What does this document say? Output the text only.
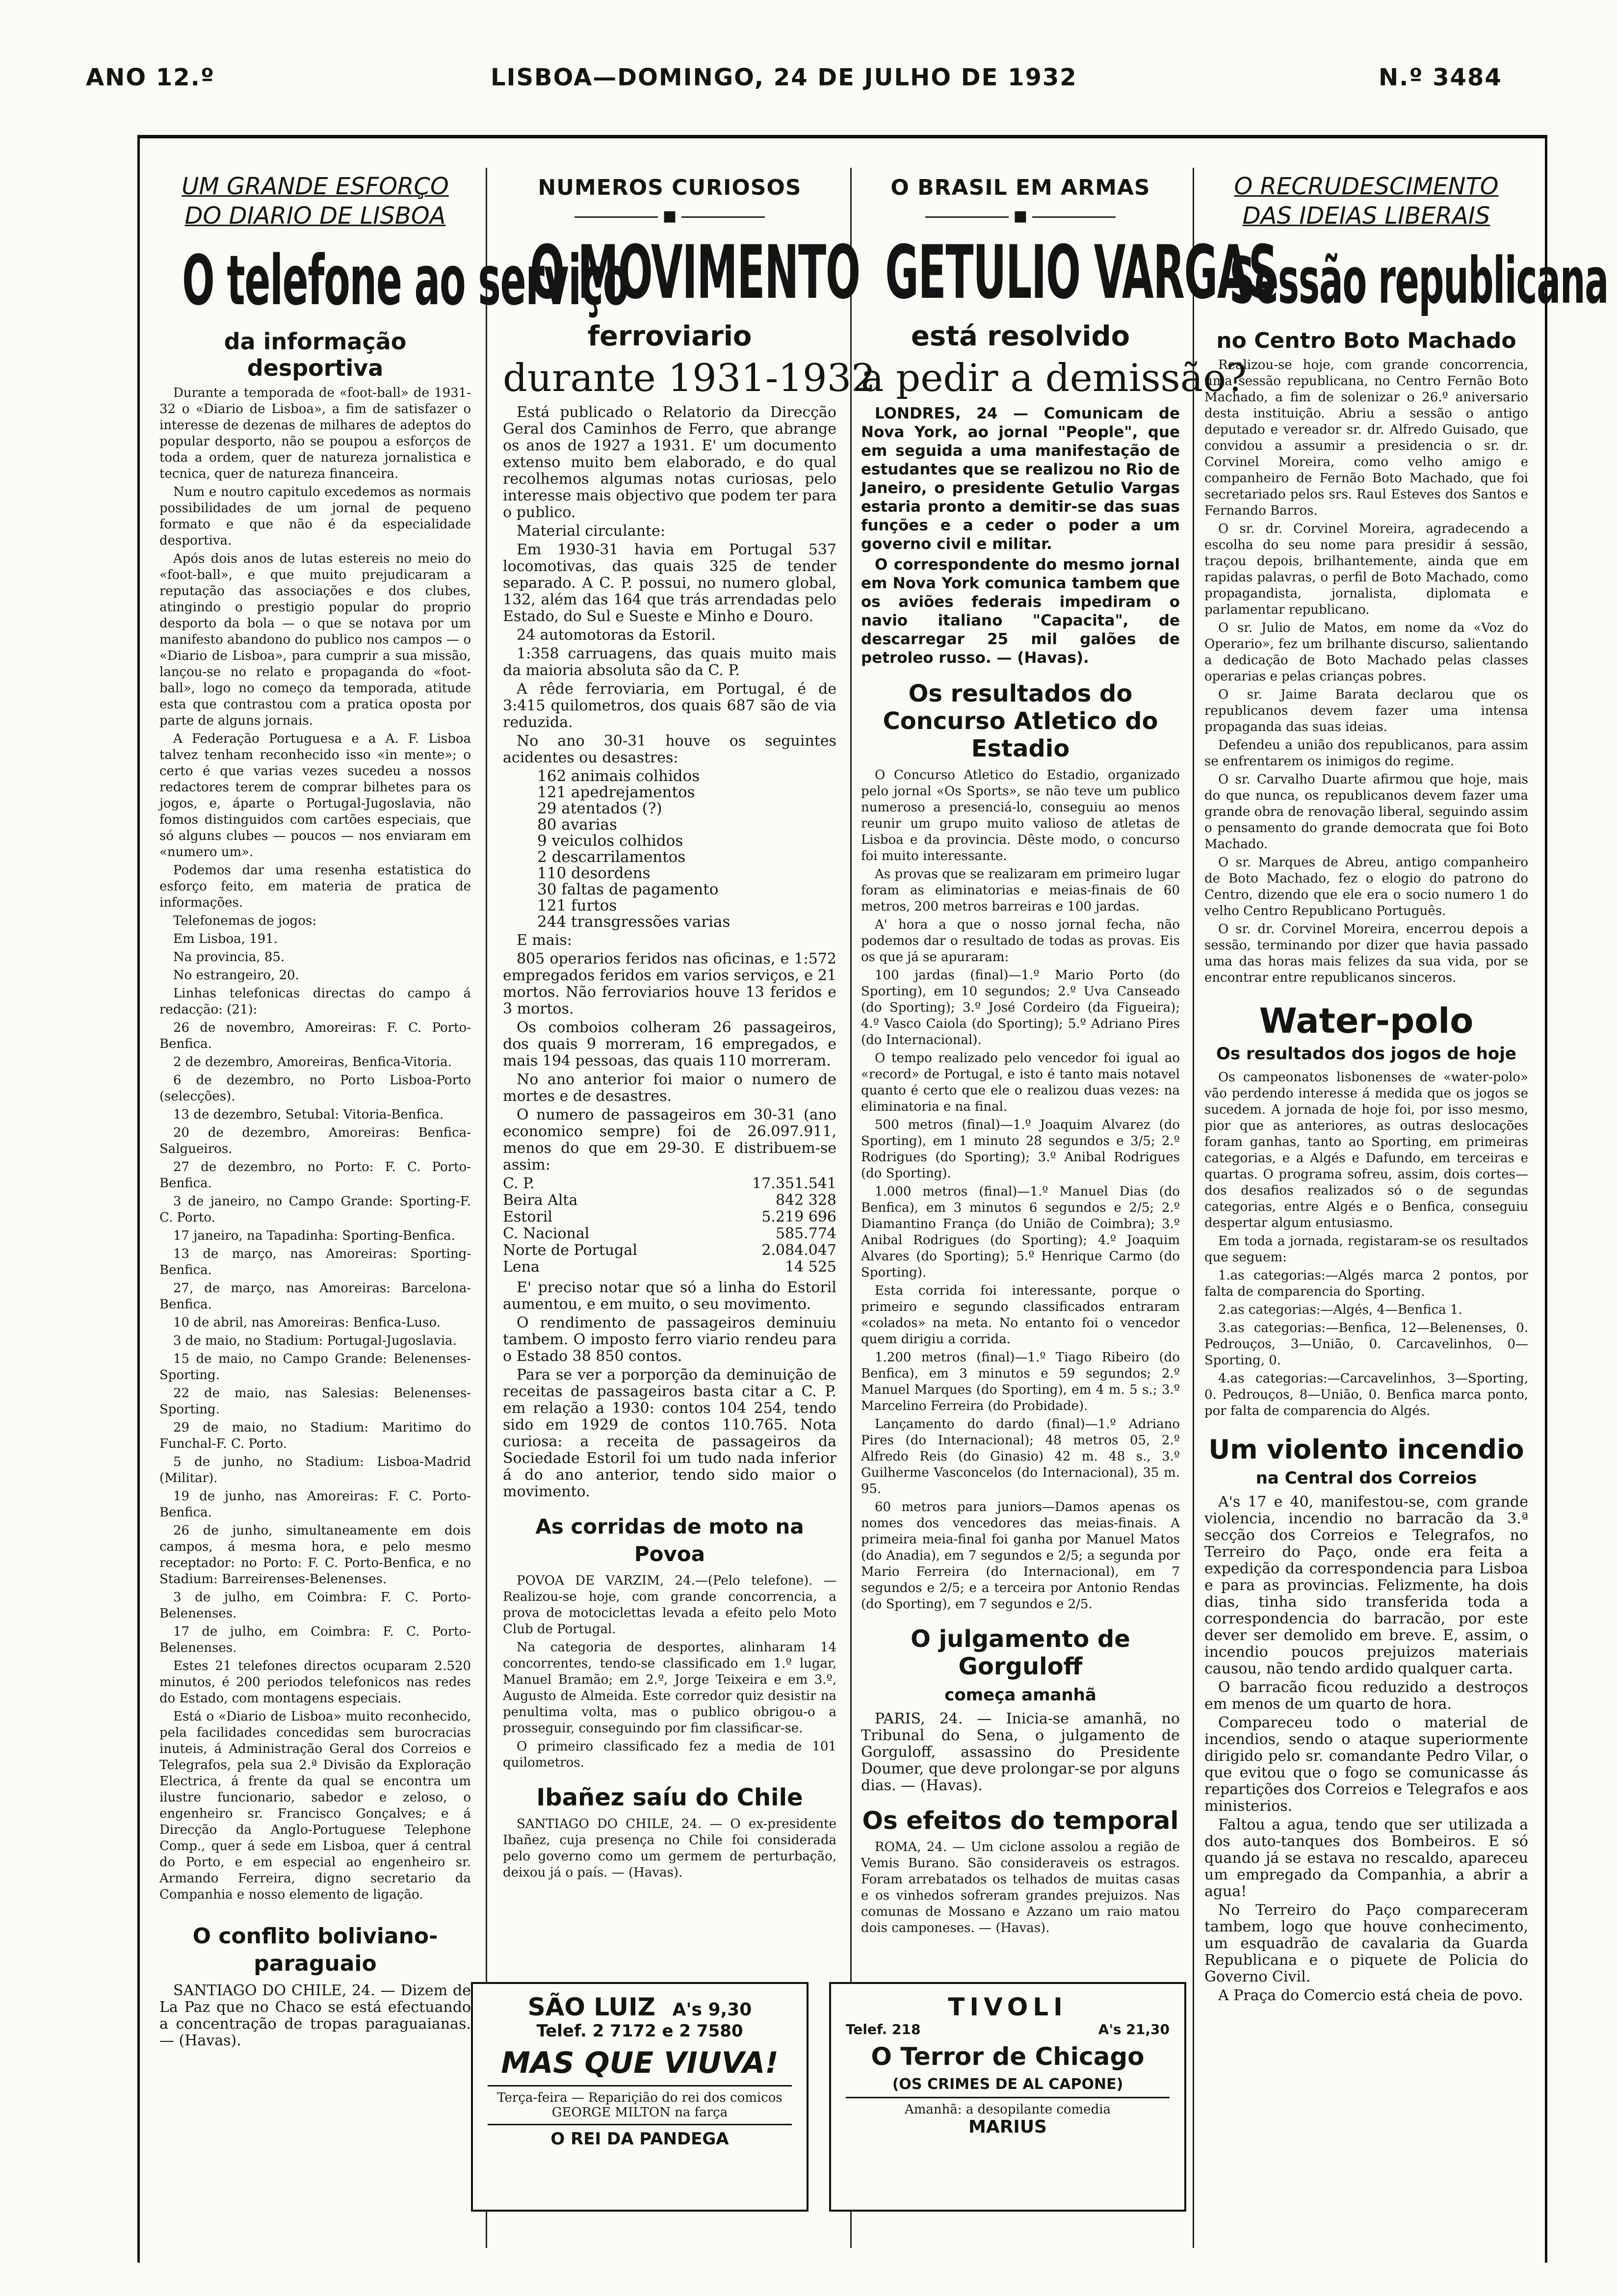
ANO 12.º	LISBOA—DOMINGO, 24 DE JULHO DE 1932	N.º 3484
UM GRANDE ESFORÇO
DO DIARIO DE LISBOA
O telefone ao serviço
da informação desportiva

Durante a temporada de «foot-ball» de 1931-32 o «Diario de Lisboa», a fim de satisfazer o interesse de dezenas de milhares de adeptos do popular desporto, não se poupou a esforços de toda a ordem, quer de natureza jornalistica e tecnica, quer de natureza financeira.

Num e noutro capitulo excedemos as normais possibilidades de um jornal de pequeno formato e que não é da especialidade desportiva.

Após dois anos de lutas estereis no meio do «foot-ball», e que muito prejudicaram a reputação das associações e dos clubes, atingindo o prestigio popular do proprio desporto da bola — o que se notava por um manifesto abandono do publico nos campos — o «Diario de Lisboa», para cumprir a sua missão, lançou-se no relato e propaganda do «foot-ball», logo no começo da temporada, atitude esta que contrastou com a pratica oposta por parte de alguns jornais.

A Federação Portuguesa e a A. F. Lisboa talvez tenham reconhecido isso «in mente»; o certo é que varias vezes sucedeu a nossos redactores terem de comprar bilhetes para os jogos, e, áparte o Portugal-Jugoslavia, não fomos distinguidos com cartões especiais, que só alguns clubes — poucos — nos enviaram em «numero um».

Podemos dar uma resenha estatistica do esforço feito, em materia de pratica de informações.

Telefonemas de jogos:

Em Lisboa, 191.

Na provincia, 85.

No estrangeiro, 20.

Linhas telefonicas directas do campo á redacção: (21):

26 de novembro, Amoreiras: F. C. Porto-Benfica.

2 de dezembro, Amoreiras, Benfica-Vitoria.

6 de dezembro, no Porto Lisboa-Porto (selecções).

13 de dezembro, Setubal: Vitoria-Benfica.

20 de dezembro, Amoreiras: Benfica-Salgueiros.

27 de dezembro, no Porto: F. C. Porto-Benfica.

3 de janeiro, no Campo Grande: Sporting-F. C. Porto.

17 janeiro, na Tapadinha: Sporting-Benfica.

13 de março, nas Amoreiras: Sporting-Benfica.

27, de março, nas Amoreiras: Barcelona-Benfica.

10 de abril, nas Amoreiras: Benfica-Luso.

3 de maio, no Stadium: Portugal-Jugoslavia.

15 de maio, no Campo Grande: Belenenses-Sporting.

22 de maio, nas Salesias: Belenenses-Sporting.

29 de maio, no Stadium: Maritimo do Funchal-F. C. Porto.

5 de junho, no Stadium: Lisboa-Madrid (Militar).

19 de junho, nas Amoreiras: F. C. Porto-Benfica.

26 de junho, simultaneamente em dois campos, á mesma hora, e pelo mesmo receptador: no Porto: F. C. Porto-Benfica, e no Stadium: Barreirenses-Belenenses.

3 de julho, em Coimbra: F. C. Porto-Belenenses.

17 de julho, em Coimbra: F. C. Porto-Belenenses.

Estes 21 telefones directos ocuparam 2.520 minutos, é 200 periodos telefonicos nas redes do Estado, com montagens especiais.

Está o «Diario de Lisboa» muito reconhecido, pela facilidades concedidas sem burocracias inuteis, á Administração Geral dos Correios e Telegrafos, pela sua 2.ª Divisão da Exploração Electrica, á frente da qual se encontra um ilustre funcionario, sabedor e zeloso, o engenheiro sr. Francisco Gonçalves; e á Direcção da Anglo-Portuguese Telephone Comp., quer á sede em Lisboa, quer á central do Porto, e em especial ao engenheiro sr. Armando Ferreira, digno secretario da Companhia e nosso elemento de ligação.

O conflito boliviano-paraguaio

SANTIAGO DO CHILE, 24. — Dizem de La Paz que no Chaco se está efectuando a concentração de tropas paraguaianas. — (Havas).

NUMEROS CURIOSOS
■
O MOVIMENTO
ferroviario
durante 1931-1932

Está publicado o Relatorio da Direcção Geral dos Caminhos de Ferro, que abrange os anos de 1927 a 1931. E' um documento extenso muito bem elaborado, e do qual recolhemos algumas notas curiosas, pelo interesse mais objectivo que podem ter para o publico.

Material circulante:

Em 1930-31 havia em Portugal 537 locomotivas, das quais 325 de tender separado. A C. P. possui, no numero global, 132, além das 164 que trás arrendadas pelo Estado, do Sul e Sueste e Minho e Douro.

24 automotoras da Estoril.

1:358 carruagens, das quais muito mais da maioria absoluta são da C. P.

A rêde ferroviaria, em Portugal, é de 3:415 quilometros, dos quais 687 são de via reduzida.

No ano 30-31 houve os seguintes acidentes ou desastres:

162 animais colhidos
121 apedrejamentos
29 atentados (?)
80 avarias
9 veiculos colhidos
2 descarrilamentos
110 desordens
30 faltas de pagamento
121 furtos
244 transgressões varias

E mais:

805 operarios feridos nas oficinas, e 1:572 empregados feridos em varios serviços, e 21 mortos. Não ferroviarios houve 13 feridos e 3 mortos.

Os comboios colheram 26 passageiros, dos quais 9 morreram, 16 empregados, e mais 194 pessoas, das quais 110 morreram.

No ano anterior foi maior o numero de mortes e de desastres.

O numero de passageiros em 30-31 (ano economico sempre) foi de 26.097.911, menos do que em 29-30. E distribuem-se assim:

C. P.	17.351.541
Beira Alta	842 328
Estoril	5.219 696
C. Nacional	585.774
Norte de Portugal	2.084.047
Lena	14 525

E' preciso notar que só a linha do Estoril aumentou, e em muito, o seu movimento.

O rendimento de passageiros deminuiu tambem. O imposto ferro viario rendeu para o Estado 38 850 contos.

Para se ver a porporção da deminuição de receitas de passageiros basta citar a C. P. em relação a 1930: contos 104 254, tendo sido em 1929 de contos 110.765. Nota curiosa: a receita de passageiros da Sociedade Estoril foi um tudo nada inferior á do ano anterior, tendo sido maior o movimento.

As corridas de moto na Povoa

POVOA DE VARZIM, 24.—(Pelo telefone). —Realizou-se hoje, com grande concorrencia, a prova de motociclettas levada a efeito pelo Moto Club de Portugal.

Na categoria de desportes, alinharam 14 concorrentes, tendo-se classificado em 1.º lugar, Manuel Bramão; em 2.º, Jorge Teixeira e em 3.º, Augusto de Almeida. Este corredor quiz desistir na penultima volta, mas o publico obrigou-o a prosseguir, conseguindo por fim classificar-se.

O primeiro classificado fez a media de 101 quilometros.

Ibañez saíu do Chile

SANTIAGO DO CHILE, 24. — O ex-presidente Ibañez, cuja presença no Chile foi considerada pelo governo como um germem de perturbação, deixou já o país. — (Havas).

O BRASIL EM ARMAS
■
GETULIO VARGAS
está resolvido
a pedir a demissão?

LONDRES, 24 — Comunicam de Nova York, ao jornal "People", que em seguida a uma manifestação de estudantes que se realizou no Rio de Janeiro, o presidente Getulio Vargas estaria pronto a demitir-se das suas funções e a ceder o poder a um governo civil e militar.

O correspondente do mesmo jornal em Nova York comunica tambem que os aviões federais impediram o navio italiano "Capacita", de descarregar 25 mil galões de petroleo russo. — (Havas).

Os resultados do Concurso Atletico do Estadio

O Concurso Atletico do Estadio, organizado pelo jornal «Os Sports», se não teve um publico numeroso a presenciá-lo, conseguiu ao menos reunir um grupo muito valioso de atletas de Lisboa e da provincia. Dêste modo, o concurso foi muito interessante.

As provas que se realizaram em primeiro lugar foram as eliminatorias e meias-finais de 60 metros, 200 metros barreiras e 100 jardas.

A' hora a que o nosso jornal fecha, não podemos dar o resultado de todas as provas. Eis os que já se apuraram:

100 jardas (final)—1.º Mario Porto (do Sporting), em 10 segundos; 2.º Uva Canseado (do Sporting); 3.º José Cordeiro (da Figueira); 4.º Vasco Caiola (do Sporting); 5.º Adriano Pires (do Internacional).

O tempo realizado pelo vencedor foi igual ao «record» de Portugal, e isto é tanto mais notavel quanto é certo que ele o realizou duas vezes: na eliminatoria e na final.

500 metros (final)—1.º Joaquim Alvarez (do Sporting), em 1 minuto 28 segundos e 3/5; 2.º Rodrigues (do Sporting); 3.º Anibal Rodrigues (do Sporting).

1.000 metros (final)—1.º Manuel Dias (do Benfica), em 3 minutos 6 segundos e 2/5; 2.º Diamantino França (do União de Coimbra); 3.º Anibal Rodrigues (do Sporting); 4.º Joaquim Alvares (do Sporting); 5.º Henrique Carmo (do Sporting).

Esta corrida foi interessante, porque o primeiro e segundo classificados entraram «colados» na meta. No entanto foi o vencedor quem dirigiu a corrida.

1.200 metros (final)—1.º Tiago Ribeiro (do Benfica), em 3 minutos e 59 segundos; 2.º Manuel Marques (do Sporting), em 4 m. 5 s.; 3.º Marcelino Ferreira (do Probidade).

Lançamento do dardo (final)—1.º Adriano Pires (do Internacional); 48 metros 05, 2.º Alfredo Reis (do Ginasio) 42 m. 48 s., 3.º Guilherme Vasconcelos (do Internacional), 35 m. 95.

60 metros para juniors—Damos apenas os nomes dos vencedores das meias-finais. A primeira meia-final foi ganha por Manuel Matos (do Anadia), em 7 segundos e 2/5; a segunda por Mario Ferreira (do Internacional), em 7 segundos e 2/5; e a terceira por Antonio Rendas (do Sporting), em 7 segundos e 2/5.

O julgamento de Gorguloff
começa amanhã

PARIS, 24. — Inicia-se amanhã, no Tribunal do Sena, o julgamento de Gorguloff, assassino do Presidente Doumer, que deve prolongar-se por alguns dias. — (Havas).

Os efeitos do temporal

ROMA, 24. — Um ciclone assolou a região de Vemis Burano. São consideraveis os estragos. Foram arrebatados os telhados de muitas casas e os vinhedos sofreram grandes prejuizos. Nas comunas de Mossano e Azzano um raio matou dois camponeses. — (Havas).

O RECRUDESCIMENTO
DAS IDEIAS LIBERAIS
Sessão republicana
no Centro Boto Machado

Realizou-se hoje, com grande concorrencia, uma sessão republicana, no Centro Fernão Boto Machado, a fim de solenizar o 26.º aniversario desta instituição. Abriu a sessão o antigo deputado e vereador sr. dr. Alfredo Guisado, que convidou a assumir a presidencia o sr. dr. Corvinel Moreira, como velho amigo e companheiro de Fernão Boto Machado, que foi secretariado pelos srs. Raul Esteves dos Santos e Fernando Barros.

O sr. dr. Corvinel Moreira, agradecendo a escolha do seu nome para presidir á sessão, traçou depois, brilhantemente, ainda que em rapidas palavras, o perfil de Boto Machado, como propagandista, jornalista, diplomata e parlamentar republicano.

O sr. Julio de Matos, em nome da «Voz do Operario», fez um brilhante discurso, salientando a dedicação de Boto Machado pelas classes operarias e pelas crianças pobres.

O sr. Jaime Barata declarou que os republicanos devem fazer uma intensa propaganda das suas ideias.

Defendeu a união dos republicanos, para assim se enfrentarem os inimigos do regime.

O sr. Carvalho Duarte afirmou que hoje, mais do que nunca, os republicanos devem fazer uma grande obra de renovação liberal, seguindo assim o pensamento do grande democrata que foi Boto Machado.

O sr. Marques de Abreu, antigo companheiro de Boto Machado, fez o elogio do patrono do Centro, dizendo que ele era o socio numero 1 do velho Centro Republicano Português.

O sr. dr. Corvinel Moreira, encerrou depois a sessão, terminando por dizer que havia passado uma das horas mais felizes da sua vida, por se encontrar entre republicanos sinceros.

Water-polo
Os resultados dos jogos de hoje

Os campeonatos lisbonenses de «water-polo» vão perdendo interesse á medida que os jogos se sucedem. A jornada de hoje foi, por isso mesmo, pior que as anteriores, as outras deslocações foram ganhas, tanto ao Sporting, em primeiras categorias, e a Algés e Dafundo, em terceiras e quartas. O programa sofreu, assim, dois cortes—dos desafios realizados só o de segundas categorias, entre Algés e o Benfica, conseguiu despertar algum entusiasmo.

Em toda a jornada, registaram-se os resultados que seguem:

1.as categorias:—Algés marca 2 pontos, por falta de comparencia do Sporting.

2.as categorias:—Algés, 4—Benfica 1.

3.as categorias:—Benfica, 12—Belenenses, 0. Pedrouços, 3—União, 0. Carcavelinhos, 0—Sporting, 0.

4.as categorias:—Carcavelinhos, 3—Sporting, 0. Pedrouços, 8—União, 0. Benfica marca ponto, por falta de comparencia do Algés.

Um violento incendio
na Central dos Correios

A's 17 e 40, manifestou-se, com grande violencia, incendio no barracão da 3.ª secção dos Correios e Telegrafos, no Terreiro do Paço, onde era feita a expedição da correspondencia para Lisboa e para as provincias. Felizmente, ha dois dias, tinha sido transferida toda a correspondencia do barracão, por este dever ser demolido em breve. E, assim, o incendio poucos prejuizos materiais causou, não tendo ardido qualquer carta.

O barracão ficou reduzido a destroços em menos de um quarto de hora.

Compareceu todo o material de incendios, sendo o ataque superiormente dirigido pelo sr. comandante Pedro Vilar, o que evitou que o fogo se comunicasse ás repartições dos Correios e Telegrafos e aos ministerios.

Faltou a agua, tendo que ser utilizada a dos auto-tanques dos Bombeiros. E só quando já se estava no rescaldo, apareceu um empregado da Companhia, a abrir a agua!

No Terreiro do Paço compareceram tambem, logo que houve conhecimento, um esquadrão de cavalaria da Guarda Republicana e o piquete de Policia do Governo Civil.

A Praça do Comercio está cheia de povo.

SÃO LUIZ A's 9,30
Telef. 2 7172 e 2 7580
MAS QUE VIUVA!
Terça-feira — Repariçião do rei dos comicos GEORGE MILTON na farça
O REI DA PANDEGA
TIVOLI
Telef. 218	A's 21,30
O Terror de Chicago
(OS CRIMES DE AL CAPONE)
Amanhã: a desopilante comedia
MARIUS
